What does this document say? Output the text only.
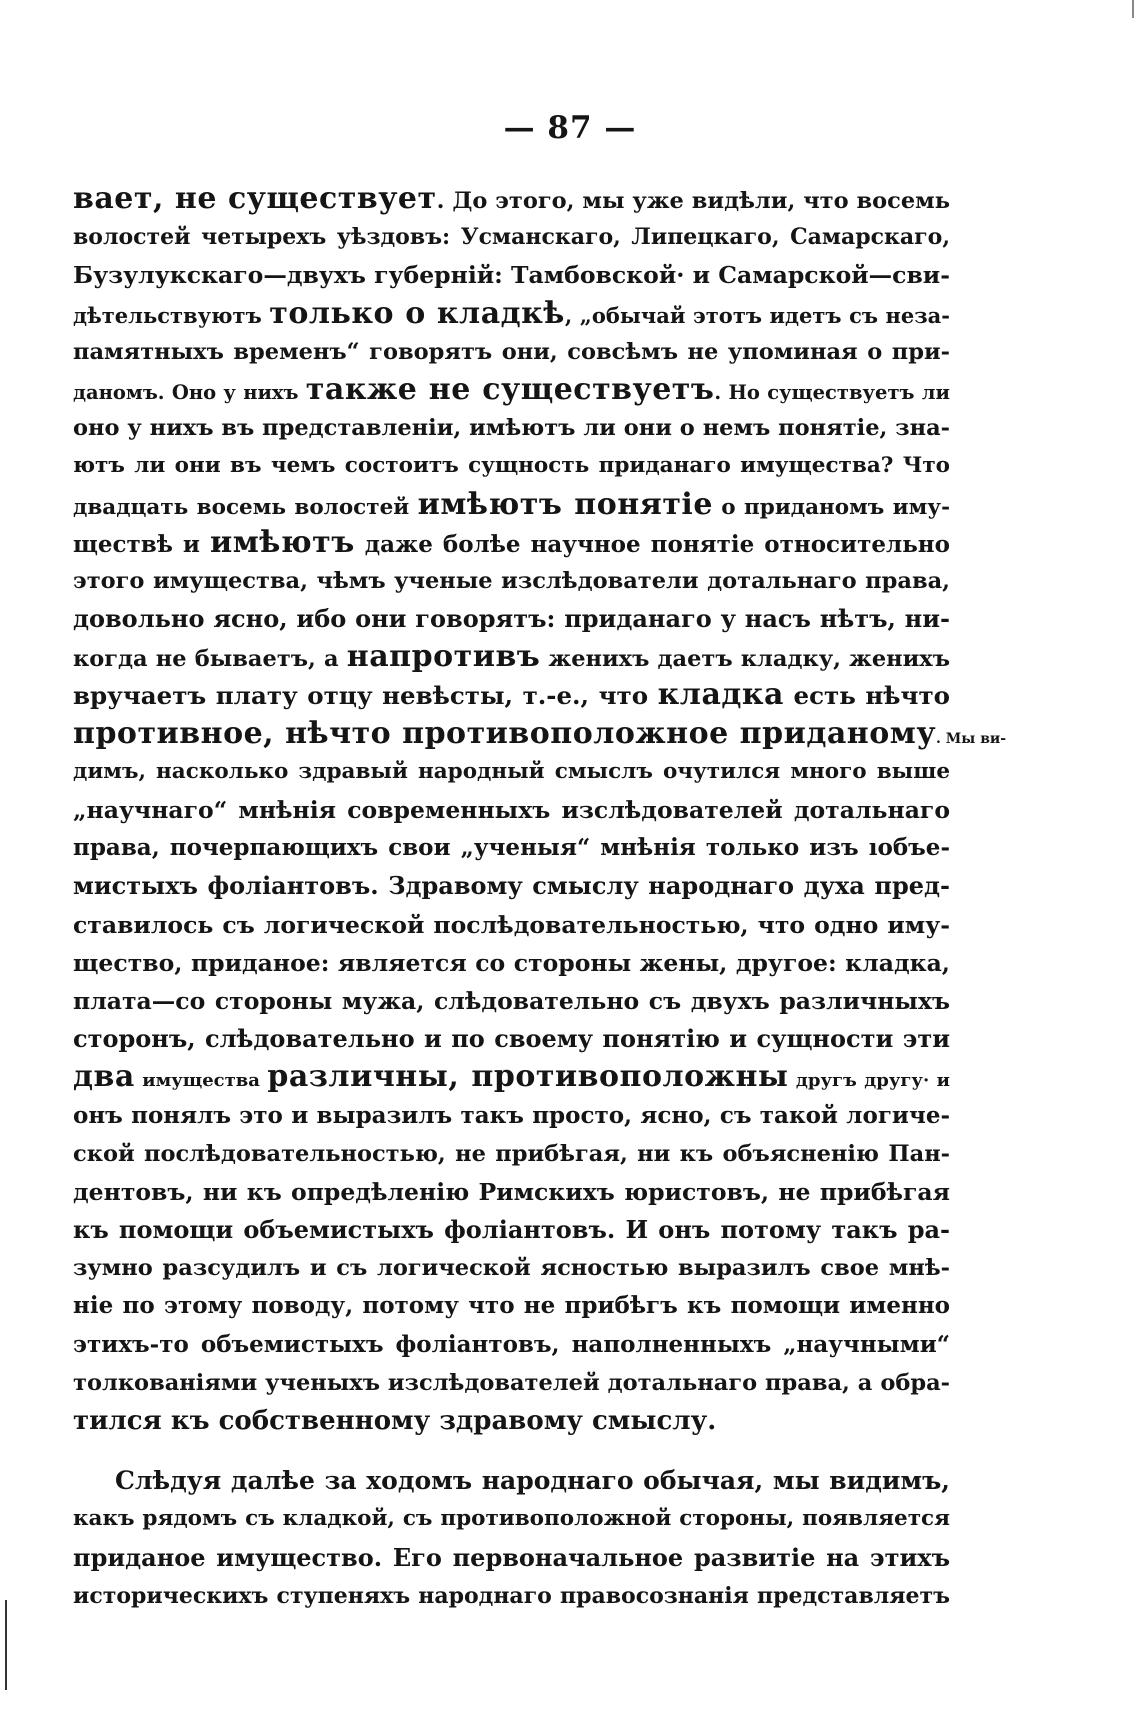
— 87 —
вает, не существует. До этого, мы уже видѣли, что восемь
волостей четырехъ уѣздовъ: Усманскаго, Липецкаго, Самарскаго,
Бузулукскаго—двухъ губерній: Тамбовской· и Самарской—сви-
дѣтельствуютъ только о кладкѣ, „обычай этотъ идетъ съ неза-
памятныхъ временъ“ говорятъ они, совсѣмъ не упоминая о при-
даномъ. Оно у нихъ также не существуетъ. Но существуетъ ли
оно у нихъ въ представленіи, имѣютъ ли они о немъ понятіе, зна-
ютъ ли они въ чемъ состоитъ сущность приданаго имущества? Что
двадцать восемь волостей имѣютъ понятіе о приданомъ иму-
ществѣ и имѣютъ даже болѣе научное понятіе относительно
этого имущества, чѣмъ ученые изслѣдователи дотальнаго права,
довольно ясно, ибо они говорятъ: приданаго у насъ нѣтъ, ни-
когда не бываетъ, а напротивъ женихъ даетъ кладку, женихъ
вручаетъ плату отцу невѣсты, т.-е., что кладка есть нѣчто
противное, нѣчто противоположное приданому. Мы ви-
димъ, насколько здравый народный смыслъ очутился много выше
„научнаго“ мнѣнія современныхъ изслѣдователей дотальнаго
права, почерпающихъ свои „ученыя“ мнѣнія только изъ ıобъе-
мистыхъ фоліантовъ. Здравому смыслу народнаго духа пред-
ставилось съ логической послѣдовательностью, что одно иму-
щество, приданое: является со стороны жены, другое: кладка,
плата—со стороны мужа, слѣдовательно съ двухъ различныхъ
сторонъ, слѣдовательно и по своему понятію и сущности эти
два имущества различны, противоположны другъ другу· и
онъ понялъ это и выразилъ такъ просто, ясно, съ такой логиче-
ской послѣдовательностью, не прибѣгая, ни къ объясненію Пан-
дентовъ, ни къ опредѣленію Римскихъ юристовъ, не прибѣгая
къ помощи объемистыхъ фоліантовъ. И онъ потому такъ ра-
зумно разсудилъ и съ логической ясностью выразилъ свое мнѣ-
ніе по этому поводу, потому что не прибѣгъ къ помощи именно
этихъ-то объемистыхъ фоліантовъ, наполненныхъ „научными“
толкованіями ученыхъ изслѣдователей дотальнаго права, а обра-
тился къ собственному здравому смыслу.
Слѣдуя далѣе за ходомъ народнаго обычая, мы видимъ,
какъ рядомъ съ кладкой, съ противоположной стороны, появляется
приданое имущество. Его первоначальное развитіе на этихъ
историческихъ ступеняхъ народнаго правосознанія представляетъ
